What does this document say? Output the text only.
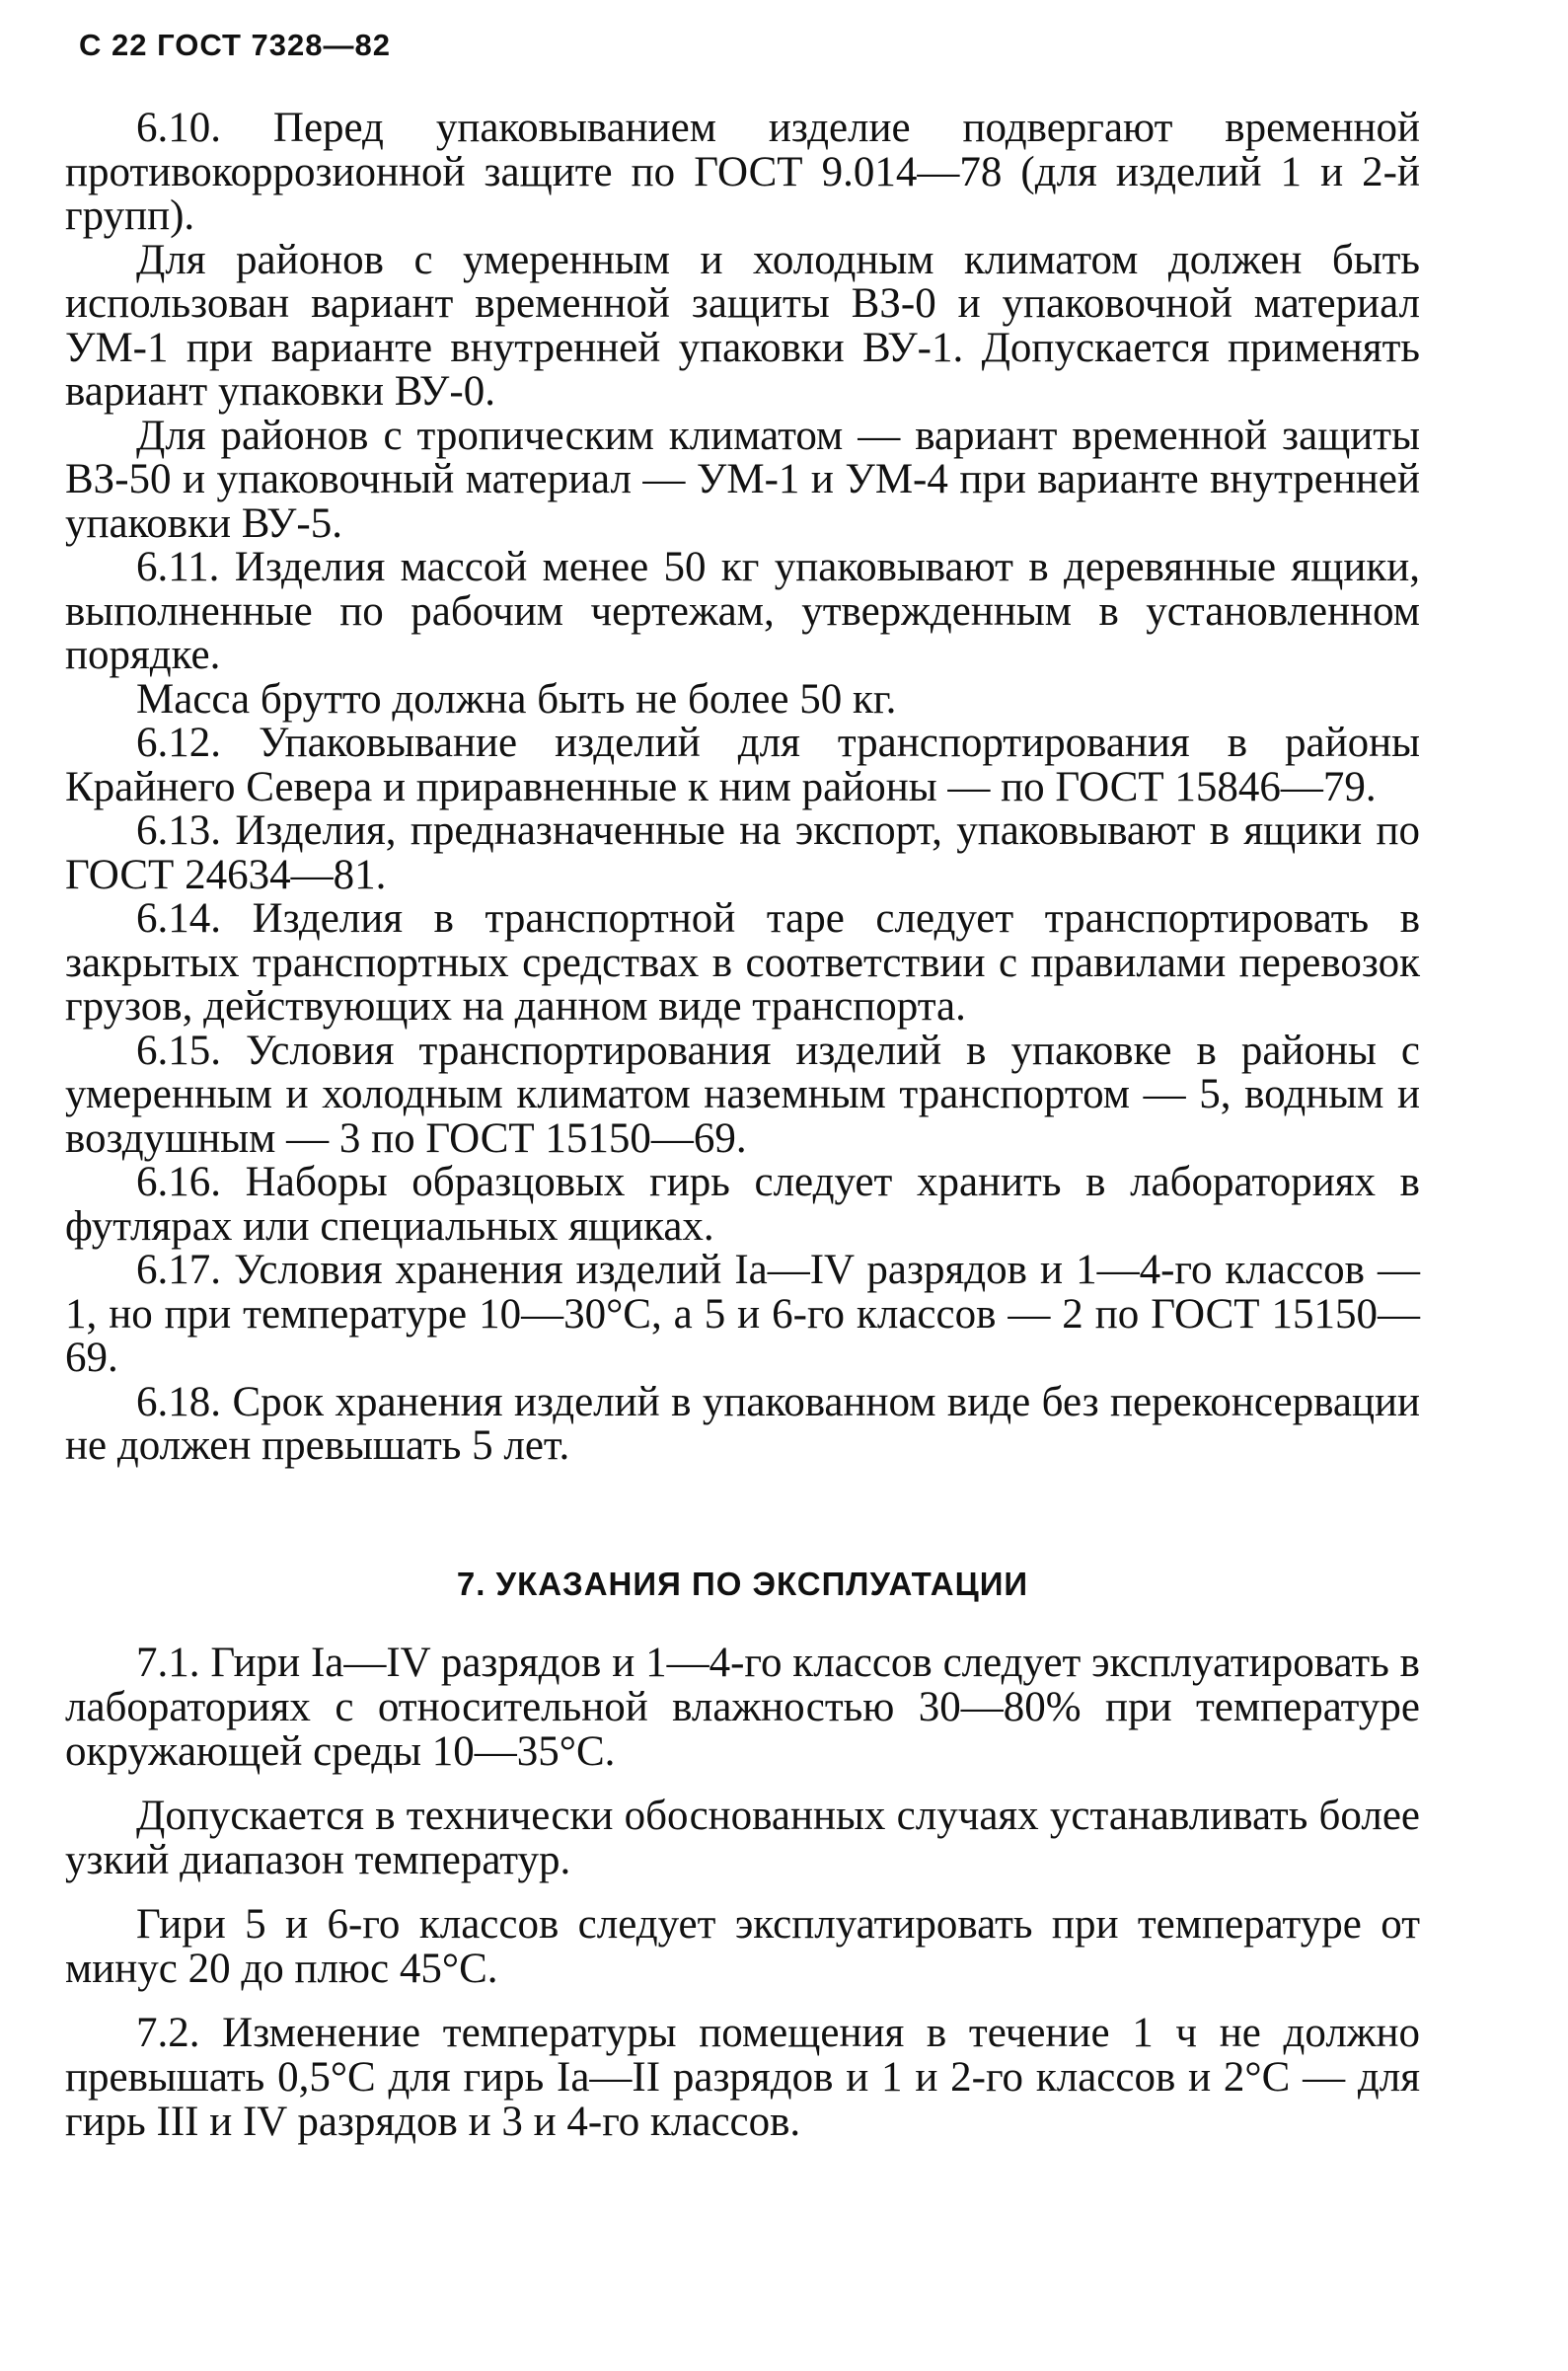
С 22 ГОСТ 7328—82

6.10. Перед упаковыванием изделие подвергают временной противокоррозионной защите по ГОСТ 9.014—78 (для изделий 1 и 2-й групп).

Для районов с умеренным и холодным климатом должен быть использован вариант временной защиты ВЗ-0 и упаковочной материал УМ-1 при варианте внутренней упаковки ВУ-1. Допускается применять вариант упаковки ВУ-0.

Для районов с тропическим климатом — вариант временной защиты ВЗ-50 и упаковочный материал — УМ-1 и УМ-4 при варианте внутренней упаковки ВУ-5.

6.11. Изделия массой менее 50 кг упаковывают в деревянные ящики, выполненные по рабочим чертежам, утвержденным в установленном порядке.

Масса брутто должна быть не более 50 кг.

6.12. Упаковывание изделий для транспортирования в районы Крайнего Севера и приравненные к ним районы — по ГОСТ 15846—79.

6.13. Изделия, предназначенные на экспорт, упаковывают в ящики по ГОСТ 24634—81.

6.14. Изделия в транспортной таре следует транспортировать в закрытых транспортных средствах в соответствии с правилами перевозок грузов, действующих на данном виде транспорта.

6.15. Условия транспортирования изделий в упаковке в районы с умеренным и холодным климатом наземным транспортом — 5, водным и воздушным — 3 по ГОСТ 15150—69.

6.16. Наборы образцовых гирь следует хранить в лабораториях в футлярах или специальных ящиках.

6.17. Условия хранения изделий Iа—IV разрядов и 1—4-го классов — 1, но при температуре 10—30°С, а 5 и 6-го классов — 2 по ГОСТ 15150—69.

6.18. Срок хранения изделий в упакованном виде без переконсервации не должен превышать 5 лет.

7. УКАЗАНИЯ ПО ЭКСПЛУАТАЦИИ

7.1. Гири Iа—IV разрядов и 1—4-го классов следует эксплуатировать в лабораториях с относительной влажностью 30—80% при температуре окружающей среды 10—35°С.

Допускается в технически обоснованных случаях устанавливать более узкий диапазон температур.

Гири 5 и 6-го классов следует эксплуатировать при температуре от минус 20 до плюс 45°С.

7.2. Изменение температуры помещения в течение 1 ч не должно превышать 0,5°С для гирь Iа—II разрядов и 1 и 2-го классов и 2°С — для гирь III и IV разрядов и 3 и 4-го классов.
